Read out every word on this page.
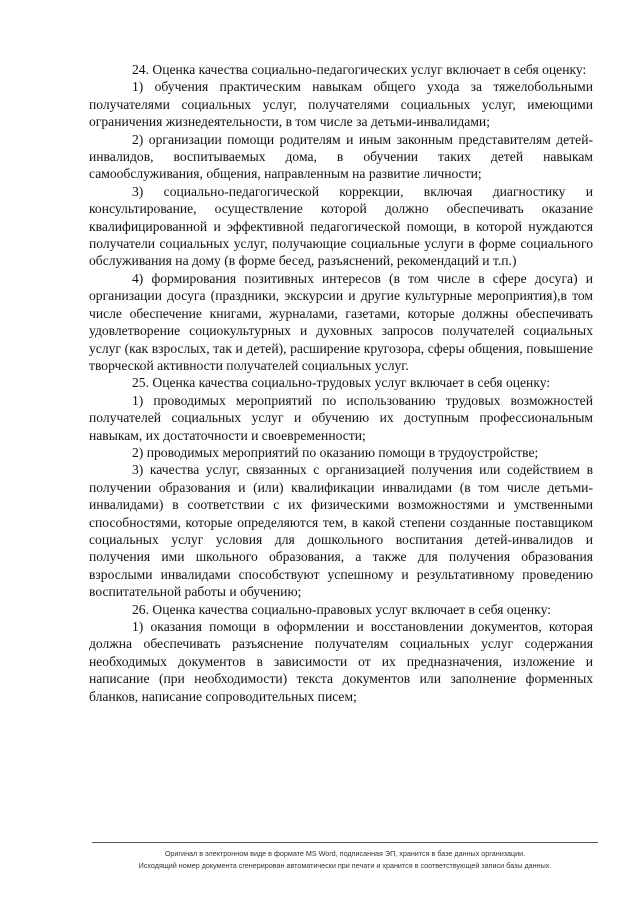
24. Оценка качества социально-педагогических услуг включает в себя оценку:

1) обучения практическим навыкам общего ухода за тяжелобольными получателями социальных услуг, получателями социальных услуг, имеющими ограничения жизнедеятельности, в том числе за детьми-инвалидами;

2) организации помощи родителям и иным законным представителям детей-инвалидов, воспитываемых дома, в обучении таких детей навыкам самообслуживания, общения, направленным на развитие личности;

3) социально-педагогической коррекции, включая диагностику и консультирование, осуществление которой должно обеспечивать оказание квалифицированной и эффективной педагогической помощи, в которой нуждаются получатели социальных услуг, получающие социальные услуги в форме социального обслуживания на дому (в форме бесед, разъяснений, рекомендаций и т.п.)

4) формирования позитивных интересов (в том числе в сфере досуга) и организации досуга (праздники, экскурсии и другие культурные мероприятия),в том числе обеспечение книгами, журналами, газетами, которые должны обеспечивать удовлетворение социокультурных и духовных запросов получателей социальных услуг (как взрослых, так и детей), расширение кругозора, сферы общения, повышение творческой активности получателей социальных услуг.

25. Оценка качества социально-трудовых услуг включает в себя оценку:

1) проводимых мероприятий по использованию трудовых возможностей получателей социальных услуг и обучению их доступным профессиональным навыкам, их достаточности и своевременности;

2) проводимых мероприятий по оказанию помощи в трудоустройстве;

3) качества услуг, связанных с организацией получения или содействием в получении образования и (или) квалификации инвалидами (в том числе детьми-инвалидами) в соответствии с их физическими возможностями и умственными способностями, которые определяются тем, в какой степени созданные поставщиком социальных услуг условия для дошкольного воспитания детей-инвалидов и получения ими школьного образования, а также для получения образования взрослыми инвалидами способствуют успешному и результативному проведению воспитательной работы и обучению;

26. Оценка качества социально-правовых услуг включает в себя оценку:

1) оказания помощи в оформлении и восстановлении документов, которая должна обеспечивать разъяснение получателям социальных услуг содержания необходимых документов в зависимости от их предназначения, изложение и написание (при необходимости) текста документов или заполнение форменных бланков, написание сопроводительных писем;

Оригинал в электронном виде в формате MS Word, подписанная ЭП, хранится в базе данных организации.
Исходящий номер документа сгенерирован автоматически при печати и хранится в соответствующей записи базы данных.
